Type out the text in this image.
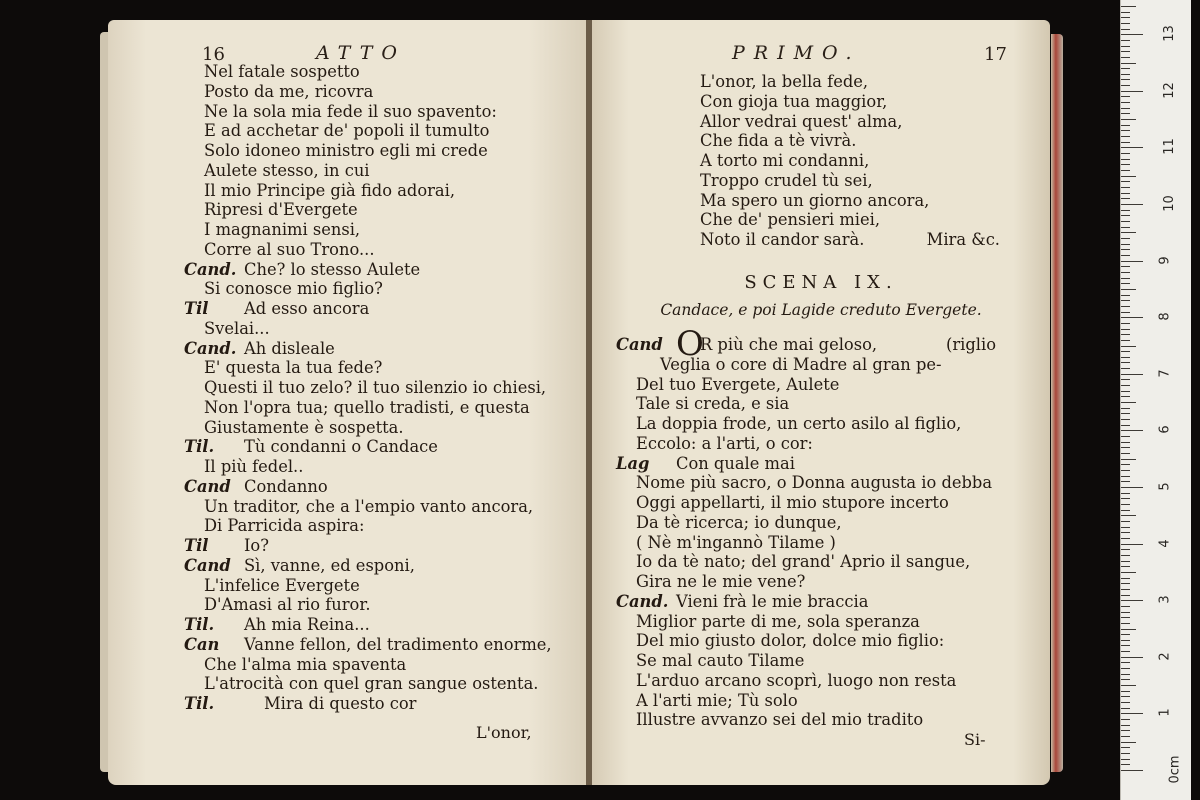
16	ATTO
Nel fatale sospetto
Posto da me, ricovra
Ne la sola mia fede il suo spavento:
E ad acchetar de' popoli il tumulto
Solo idoneo ministro egli mi crede
Aulete stesso, in cui
Il mio Principe già fido adorai,
Ripresi d'Evergete
I magnanimi sensi,
Corre al suo Trono...
Cand. Che? lo stesso Aulete
Si conosce mio figlio?
Til Ad esso ancora
Svelai...
Cand. Ah disleale
E' questa la tua fede?
Questi il tuo zelo? il tuo silenzio io chiesi,
Non l'opra tua; quello tradisti, e questa
Giustamente è sospetta.
Til. Tù condanni o Candace
Il più fedel..
Cand Condanno
Un traditor, che a l'empio vanto ancora,
Di Parricida aspira:
Til Io?
Cand Sì, vanne, ed esponi,
L'infelice Evergete
D'Amasi al rio furor.
Til. Ah mia Reina...
Can Vanne fellon, del tradimento enorme,
Che l'alma mia spaventa
L'atrocità con quel gran sangue ostenta.
Til.	Mira di questo cor
L'onor,
PRIMO.	17
L'onor, la bella fede,
Con gioja tua maggior,
Allor vedrai quest' alma,
Che fida a tè vivrà.
A torto mi condanni,
Troppo crudel tù sei,
Ma spero un giorno ancora,
Che de' pensieri miei,
Noto il candor sarà.	Mira &c.
SCENA IX.
Candace, e poi Lagide creduto Evergete.
Cand OR più che mai geloso,	(riglio
Veglia o core di Madre al gran pe-
Del tuo Evergete, Aulete
Tale si creda, e sia
La doppia frode, un certo asilo al figlio,
Eccolo: a l'arti, o cor:
Lag Con quale mai
Nome più sacro, o Donna augusta io debba
Oggi appellarti, il mio stupore incerto
Da tè ricerca; io dunque,
( Nè m'ingannò Tilame )
Io da tè nato; del grand' Aprio il sangue,
Gira ne le mie vene?
Cand. Vieni frà le mie braccia
Miglior parte di me, sola speranza
Del mio giusto dolor, dolce mio figlio:
Se mal cauto Tilame
L'arduo arcano scoprì, luogo non resta
A l'arti mie; Tù solo
Illustre avvanzo sei del mio tradito
Si-
0cm
1
2
3
4
5
6
7
8
9
10
11
12
13
